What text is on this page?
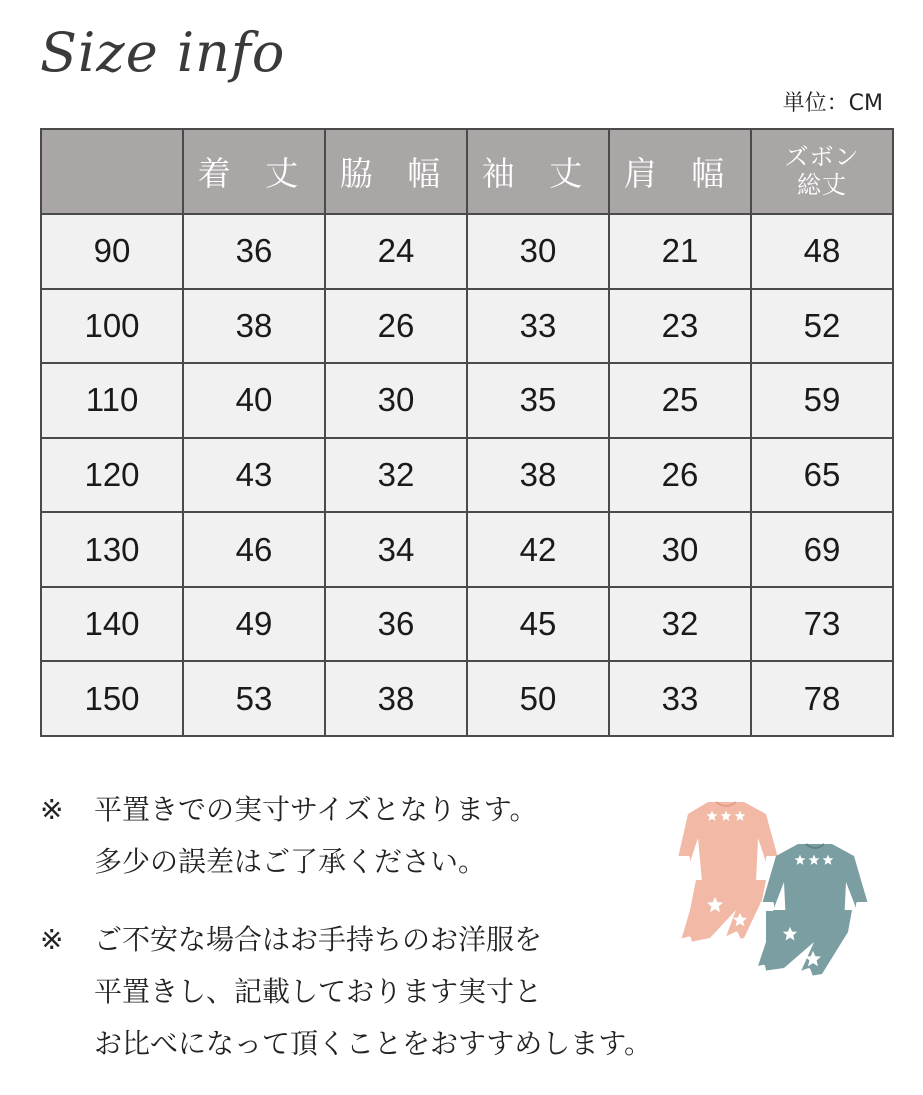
Size info
単位：CM
	着 丈	脇 幅	袖 丈	肩 幅	ズボン
総丈

90	36	24	30	21	48
100	38	26	33	23	52
110	40	30	35	25	59
120	43	32	38	26	65
130	46	34	42	30	69
140	49	36	45	32	73
150	53	38	50	33	78
※ 平置きでの実寸サイズとなります。
多少の誤差はご了承ください。
※ ご不安な場合はお手持ちのお洋服を
平置きし、記載しております実寸と
お比べになって頂くことをおすすめします。
